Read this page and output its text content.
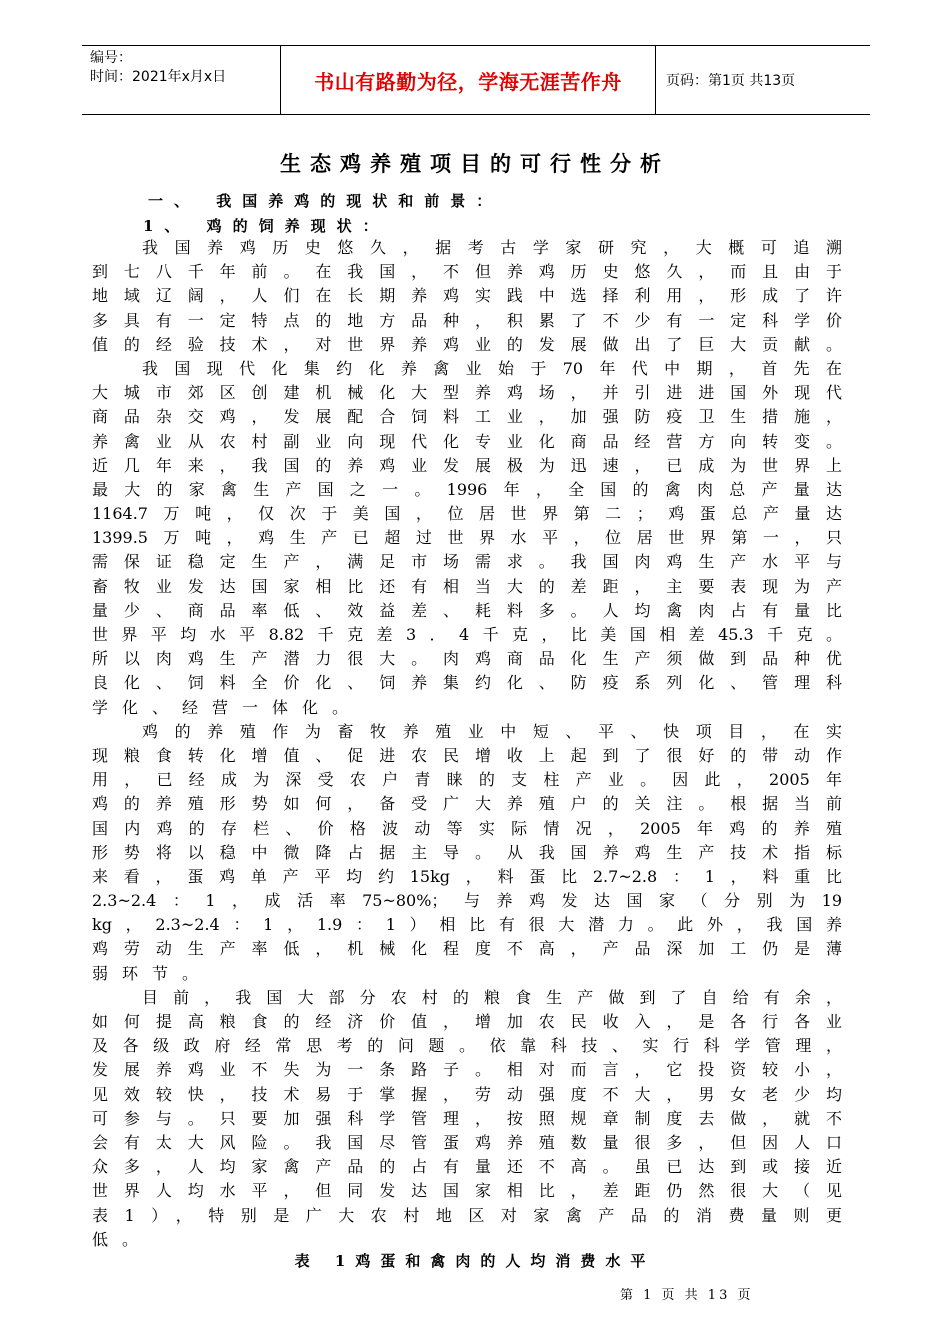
编号：
时间：2021年x月x日	书山有路勤为径，学海无涯苦作舟	页码：第1页 共13页
生态鸡养殖项目的可行性分析
一、 我国养鸡的现状和前景：
1、 鸡的饲养现状：
我国养鸡历史悠久，据考古学家研究，大概可追溯
到七八千年前。在我国，不但养鸡历史悠久，而且由于
地域辽阔，人们在长期养鸡实践中选择利用，形成了许
多具有一定特点的地方品种，积累了不少有一定科学价
值的经验技术，对世界养鸡业的发展做出了巨大贡献。
我国现代化集约化养禽业始于70年代中期，首先在
大城市郊区创建机械化大型养鸡场，并引进进国外现代
商品杂交鸡，发展配合饲料工业，加强防疫卫生措施，
养禽业从农村副业向现代化专业化商品经营方向转变。
近几年来，我国的养鸡业发展极为迅速，已成为世界上
最大的家禽生产国之一。1996年，全国的禽肉总产量达
1164.7万吨，仅次于美国，位居世界第二；鸡蛋总产量达
1399.5万吨，鸡生产已超过世界水平，位居世界第一，只
需保证稳定生产，满足市场需求。我国肉鸡生产水平与
畜牧业发达国家相比还有相当大的差距，主要表现为产
量少、商品率低、效益差、耗料多。人均禽肉占有量比
世界平均水平8.82千克差3．4千克，比美国相差45.3千克。
所以肉鸡生产潜力很大。肉鸡商品化生产须做到品种优
良化、饲料全价化、饲养集约化、防疫系列化、管理科
学化、经营一体化。
鸡的养殖作为畜牧养殖业中短、平、快项目，在实
现粮食转化增值、促进农民增收上起到了很好的带动作
用，已经成为深受农户青睐的支柱产业。因此，2005年
鸡的养殖形势如何，备受广大养殖户的关注。根据当前
国内鸡的存栏、价格波动等实际情况，2005年鸡的养殖
形势将以稳中微降占据主导。从我国养鸡生产技术指标
来看，蛋鸡单产平均约15kg，料蛋比2.7~2.8：1，料重比
2.3~2.4：1，成活率75~80%；与养鸡发达国家（分别为19
kg，2.3~2.4：1，1.9：1）相比有很大潜力。此外，我国养
鸡劳动生产率低，机械化程度不高，产品深加工仍是薄
弱环节。
目前，我国大部分农村的粮食生产做到了自给有余，
如何提高粮食的经济价值，增加农民收入，是各行各业
及各级政府经常思考的问题。依靠科技、实行科学管理，
发展养鸡业不失为一条路子。相对而言，它投资较小，
见效较快，技术易于掌握，劳动强度不大，男女老少均
可参与。只要加强科学管理，按照规章制度去做，就不
会有太大风险。我国尽管蛋鸡养殖数量很多，但因人口
众多，人均家禽产品的占有量还不高。虽已达到或接近
世界人均水平，但同发达国家相比，差距仍然很大（见
表1），特别是广大农村地区对家禽产品的消费量则更
低。
表 1鸡蛋和禽肉的人均消费水平
第 1 页 共 13 页
